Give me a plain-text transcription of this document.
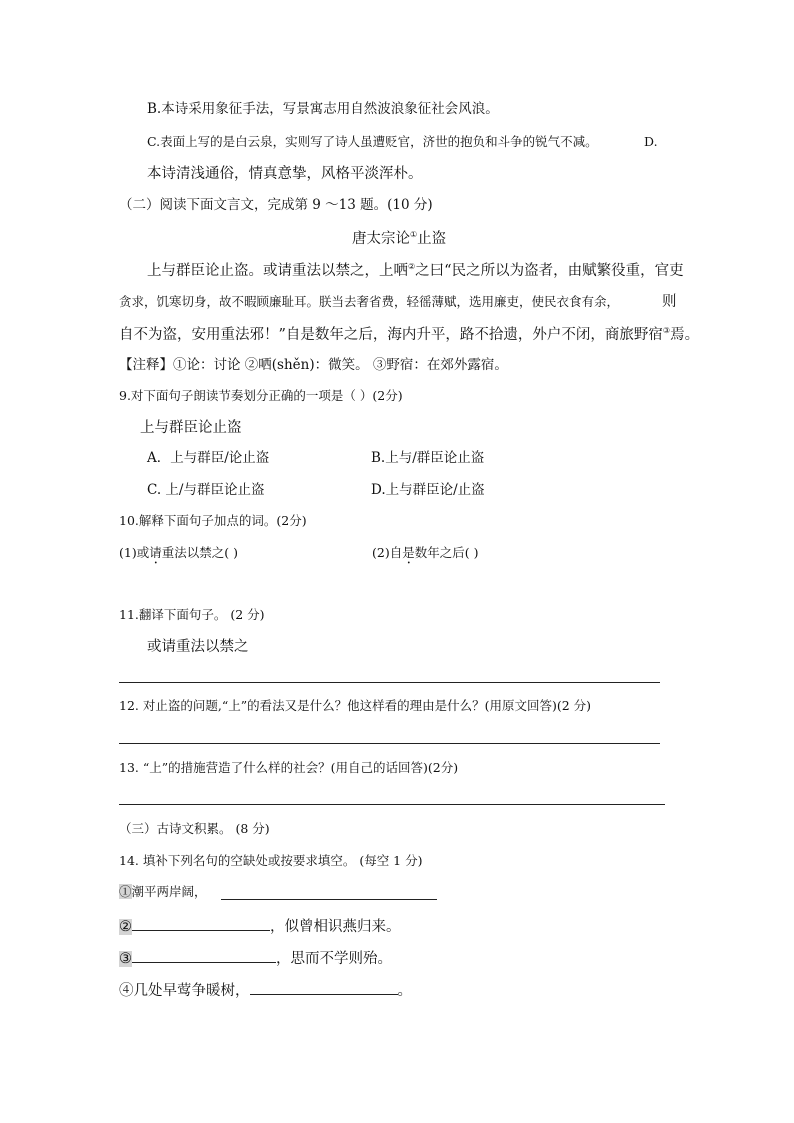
B.本诗采用象征手法，写景寓志用自然波浪象征社会风浪。
C.表面上写的是白云泉，实则写了诗人虽遭贬官，济世的抱负和斗争的锐气不减。	D.
本诗清浅通俗，情真意挚，风格平淡浑朴。
（二）阅读下面文言文，完成第 9 ～13 题。(10 分)
唐太宗论①止盗
上与群臣论止盗。或请重法以禁之，上哂②之曰“民之所以为盗者，由赋繁役重，官吏
贪求，饥寒切身，故不暇顾廉耻耳。朕当去奢省费，轻徭薄赋，选用廉吏，使民衣食有余，	则
自不为盗，安用重法邪！”自是数年之后，海内升平，路不拾遗，外户不闭，商旅野宿③焉。
【注释】①论：讨论 ②哂(shěn)：微笑。 ③野宿：在郊外露宿。
9.对下面句子朗读节奏划分正确的一项是（ ）(2分)
上与群臣论止盗
A．上与群臣/论止盗	B.上与/群臣论止盗
C. 上/与群臣论止盗	D.上与群臣论/止盗
10.解释下面句子加点的词。(2分)
(1)或请重法以禁之( )	(2)自是数年之后( )
11.翻译下面句子。 (2 分)
或请重法以禁之
12. 对止盗的问题,“上”的看法又是什么？他这样看的理由是什么？(用原文回答)(2 分)
13. “上”的措施营造了什么样的社会？(用自己的话回答)(2分)
（三）古诗文积累。 (8 分)
14. 填补下列名句的空缺处或按要求填空。 (每空 1 分)
①潮平两岸阔，
②	，似曾相识燕归来。
③	，思而不学则殆。
④几处早莺争暖树，	。
